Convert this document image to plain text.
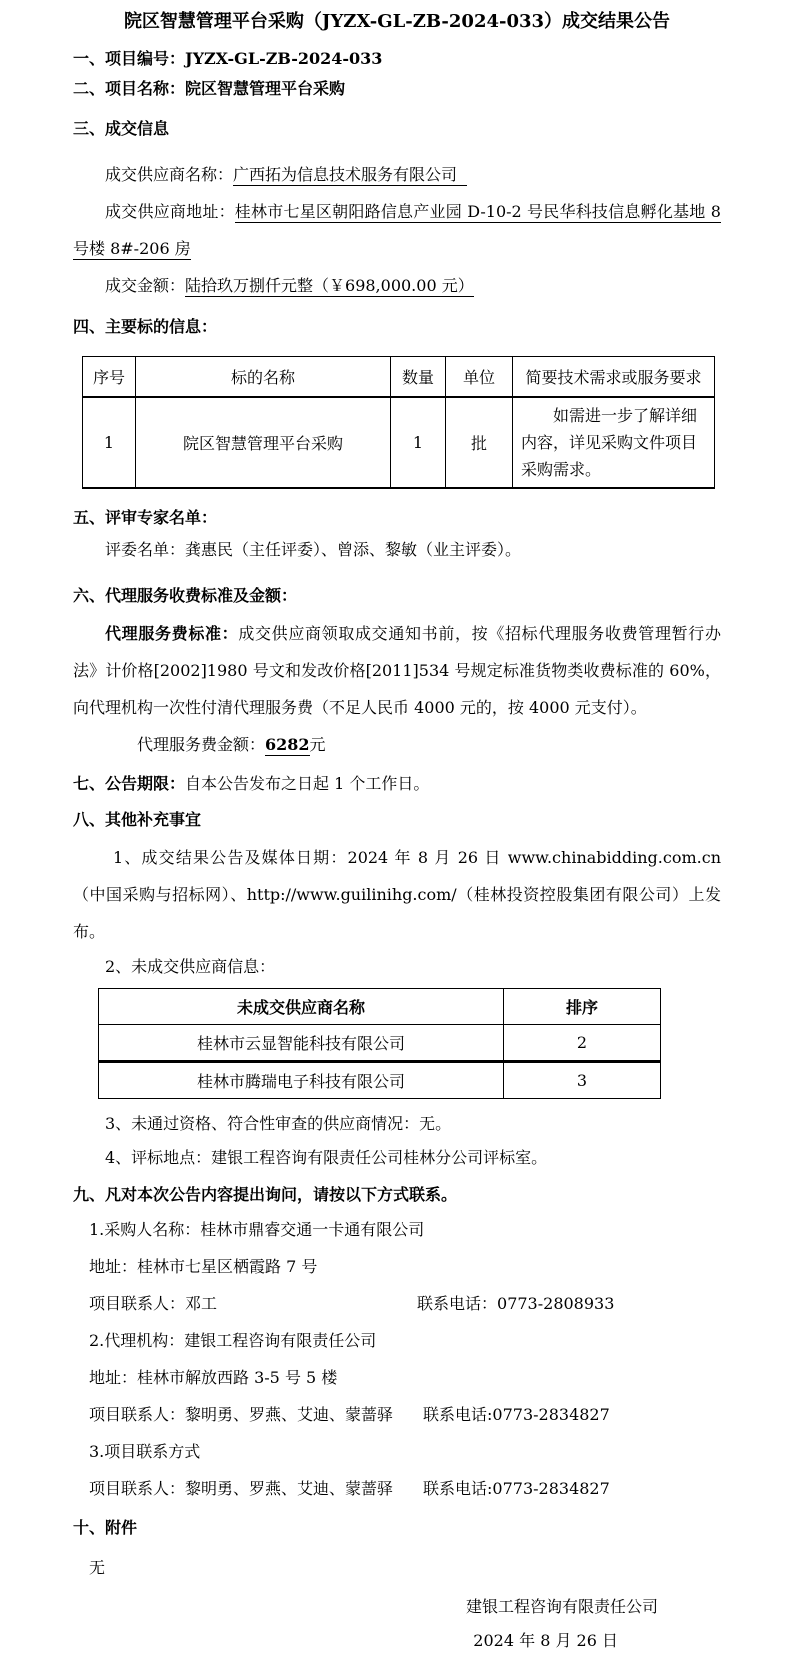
院区智慧管理平台采购（JYZX-GL-ZB-2024-033）成交结果公告
一、项目编号：JYZX-GL-ZB-2024-033
二、项目名称：院区智慧管理平台采购
三、成交信息
成交供应商名称：广西拓为信息技术服务有限公司
成交供应商地址：桂林市七星区朝阳路信息产业园 D-10-2 号民华科技信息孵化基地 8 号楼 8#-206 房
成交金额：陆拾玖万捌仟元整（￥698,000.00 元）
四、主要标的信息：
序号	标的名称	数量	单位	简要技术需求或服务要求
1	院区智慧管理平台采购	1	批	如需进一步了解详细内容，详见采购文件项目采购需求。
五、评审专家名单：
评委名单：龚惠民（主任评委）、曾添、黎敏（业主评委）。
六、代理服务收费标准及金额：
代理服务费标准：成交供应商领取成交通知书前，按《招标代理服务收费管理暂行办法》计价格[2002]1980 号文和发改价格[2011]534 号规定标准货物类收费标准的 60%，向代理机构一次性付清代理服务费（不足人民币 4000 元的，按 4000 元支付）。
代理服务费金额：6282元
七、公告期限：自本公告发布之日起 1 个工作日。
八、其他补充事宜
1、成交结果公告及媒体日期：2024 年 8 月 26 日 www.chinabidding.com.cn（中国采购与招标网）、http://www.guilinihg.com/（桂林投资控股集团有限公司）上发布。
2、未成交供应商信息：
未成交供应商名称	排序
桂林市云显智能科技有限公司	2
桂林市腾瑞电子科技有限公司	3
3、未通过资格、符合性审查的供应商情况：无。
4、评标地点：建银工程咨询有限责任公司桂林分公司评标室。
九、凡对本次公告内容提出询问，请按以下方式联系。
1.采购人名称：桂林市鼎睿交通一卡通有限公司
地址：桂林市七星区栖霞路 7 号
项目联系人：邓工	联系电话：0773-2808933
2.代理机构：建银工程咨询有限责任公司
地址：桂林市解放西路 3-5 号 5 楼
项目联系人：黎明勇、罗燕、艾迪、蒙蔷驿 联系电话:0773-2834827
3.项目联系方式
项目联系人：黎明勇、罗燕、艾迪、蒙蔷驿 联系电话:0773-2834827
十、附件
无
建银工程咨询有限责任公司
2024 年 8 月 26 日
